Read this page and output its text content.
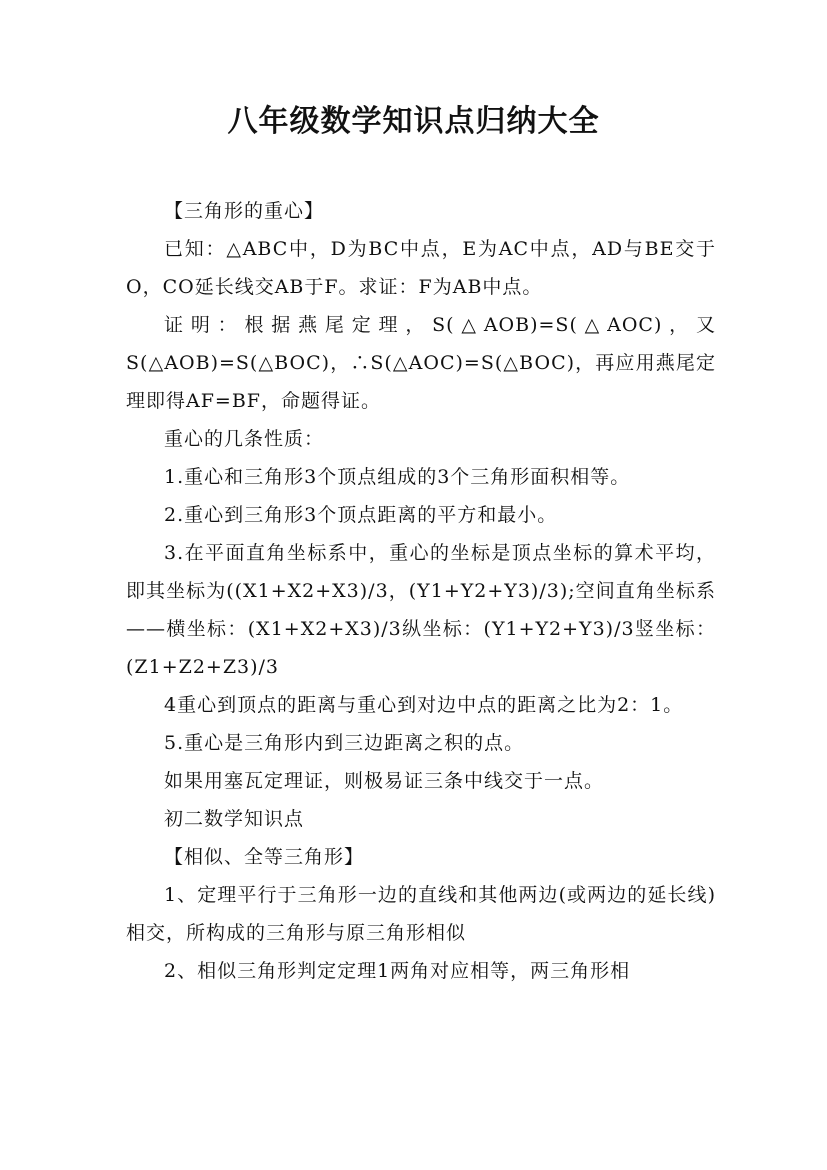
八年级数学知识点归纳大全

【三角形的重心】

已知：△ABC中，D为BC中点，E为AC中点，AD与BE交于O，CO延长线交AB于F。求证：F为AB中点。

证明：根据燕尾定理，S(△AOB)=S(△AOC)，又S(△AOB)=S(△BOC)，∴S(△AOC)=S(△BOC)，再应用燕尾定理即得AF=BF，命题得证。

重心的几条性质：

1.重心和三角形3个顶点组成的3个三角形面积相等。

2.重心到三角形3个顶点距离的平方和最小。

3.在平面直角坐标系中，重心的坐标是顶点坐标的算术平均，即其坐标为((X1+X2+X3)/3，(Y1+Y2+Y3)/3);空间直角坐标系——横坐标：(X1+X2+X3)/3纵坐标：(Y1+Y2+Y3)/3竖坐标：(Z1+Z2+Z3)/3

4重心到顶点的距离与重心到对边中点的距离之比为2：1。

5.重心是三角形内到三边距离之积的点。

如果用塞瓦定理证，则极易证三条中线交于一点。

初二数学知识点

【相似、全等三角形】

1、定理平行于三角形一边的直线和其他两边(或两边的延长线)相交，所构成的三角形与原三角形相似

2、相似三角形判定定理1两角对应相等，两三角形相
